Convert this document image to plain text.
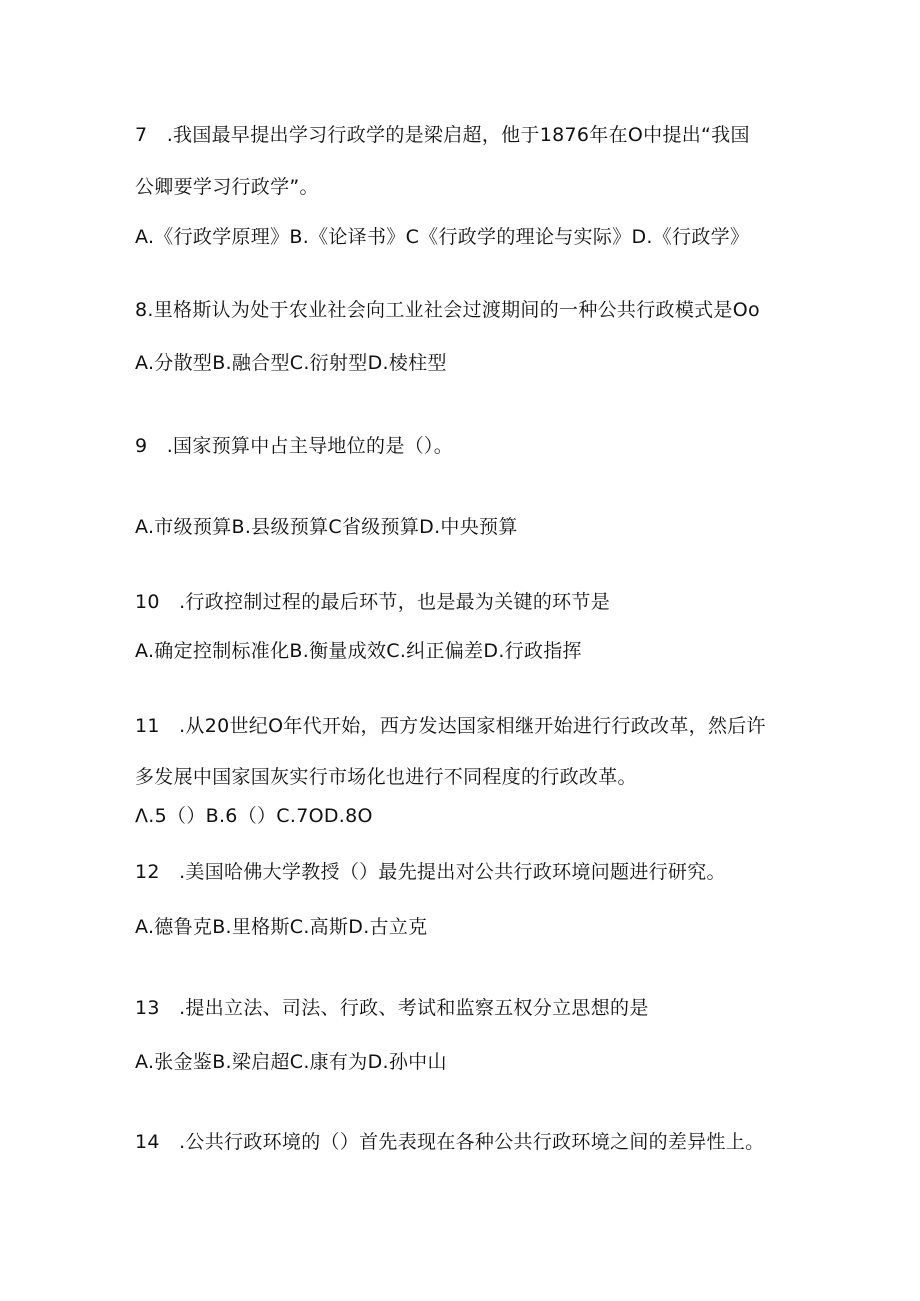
7　.我国最早提出学习行政学的是梁启超，他于1876年在O中提出“我国
公卿要学习行政学”。
A.《行政学原理》B.《论译书》C《行政学的理论与实际》D.《行政学》
8.里格斯认为处于农业社会向工业社会过渡期间的一种公共行政模式是Oo
A.分散型B.融合型C.衍射型D.棱柱型
9　.国家预算中占主导地位的是（）。
A.市级预算B.县级预算C省级预算D.中央预算
10　.行政控制过程的最后环节，也是最为关键的环节是
A.确定控制标准化B.衡量成效C.纠正偏差D.行政指挥
11　.从20世纪O年代开始，西方发达国家相继开始进行行政改革，然后许
多发展中国家国灰实行市场化也进行不同程度的行政改革。
Λ.5（）B.6（）C.7OD.8O
12　.美国哈佛大学教授（）最先提出对公共行政环境问题进行研究。
A.德鲁克B.里格斯C.高斯D.古立克
13　.提出立法、司法、行政、考试和监察五权分立思想的是
A.张金鉴B.梁启超C.康有为D.孙中山
14　.公共行政环境的（）首先表现在各种公共行政环境之间的差异性上。
